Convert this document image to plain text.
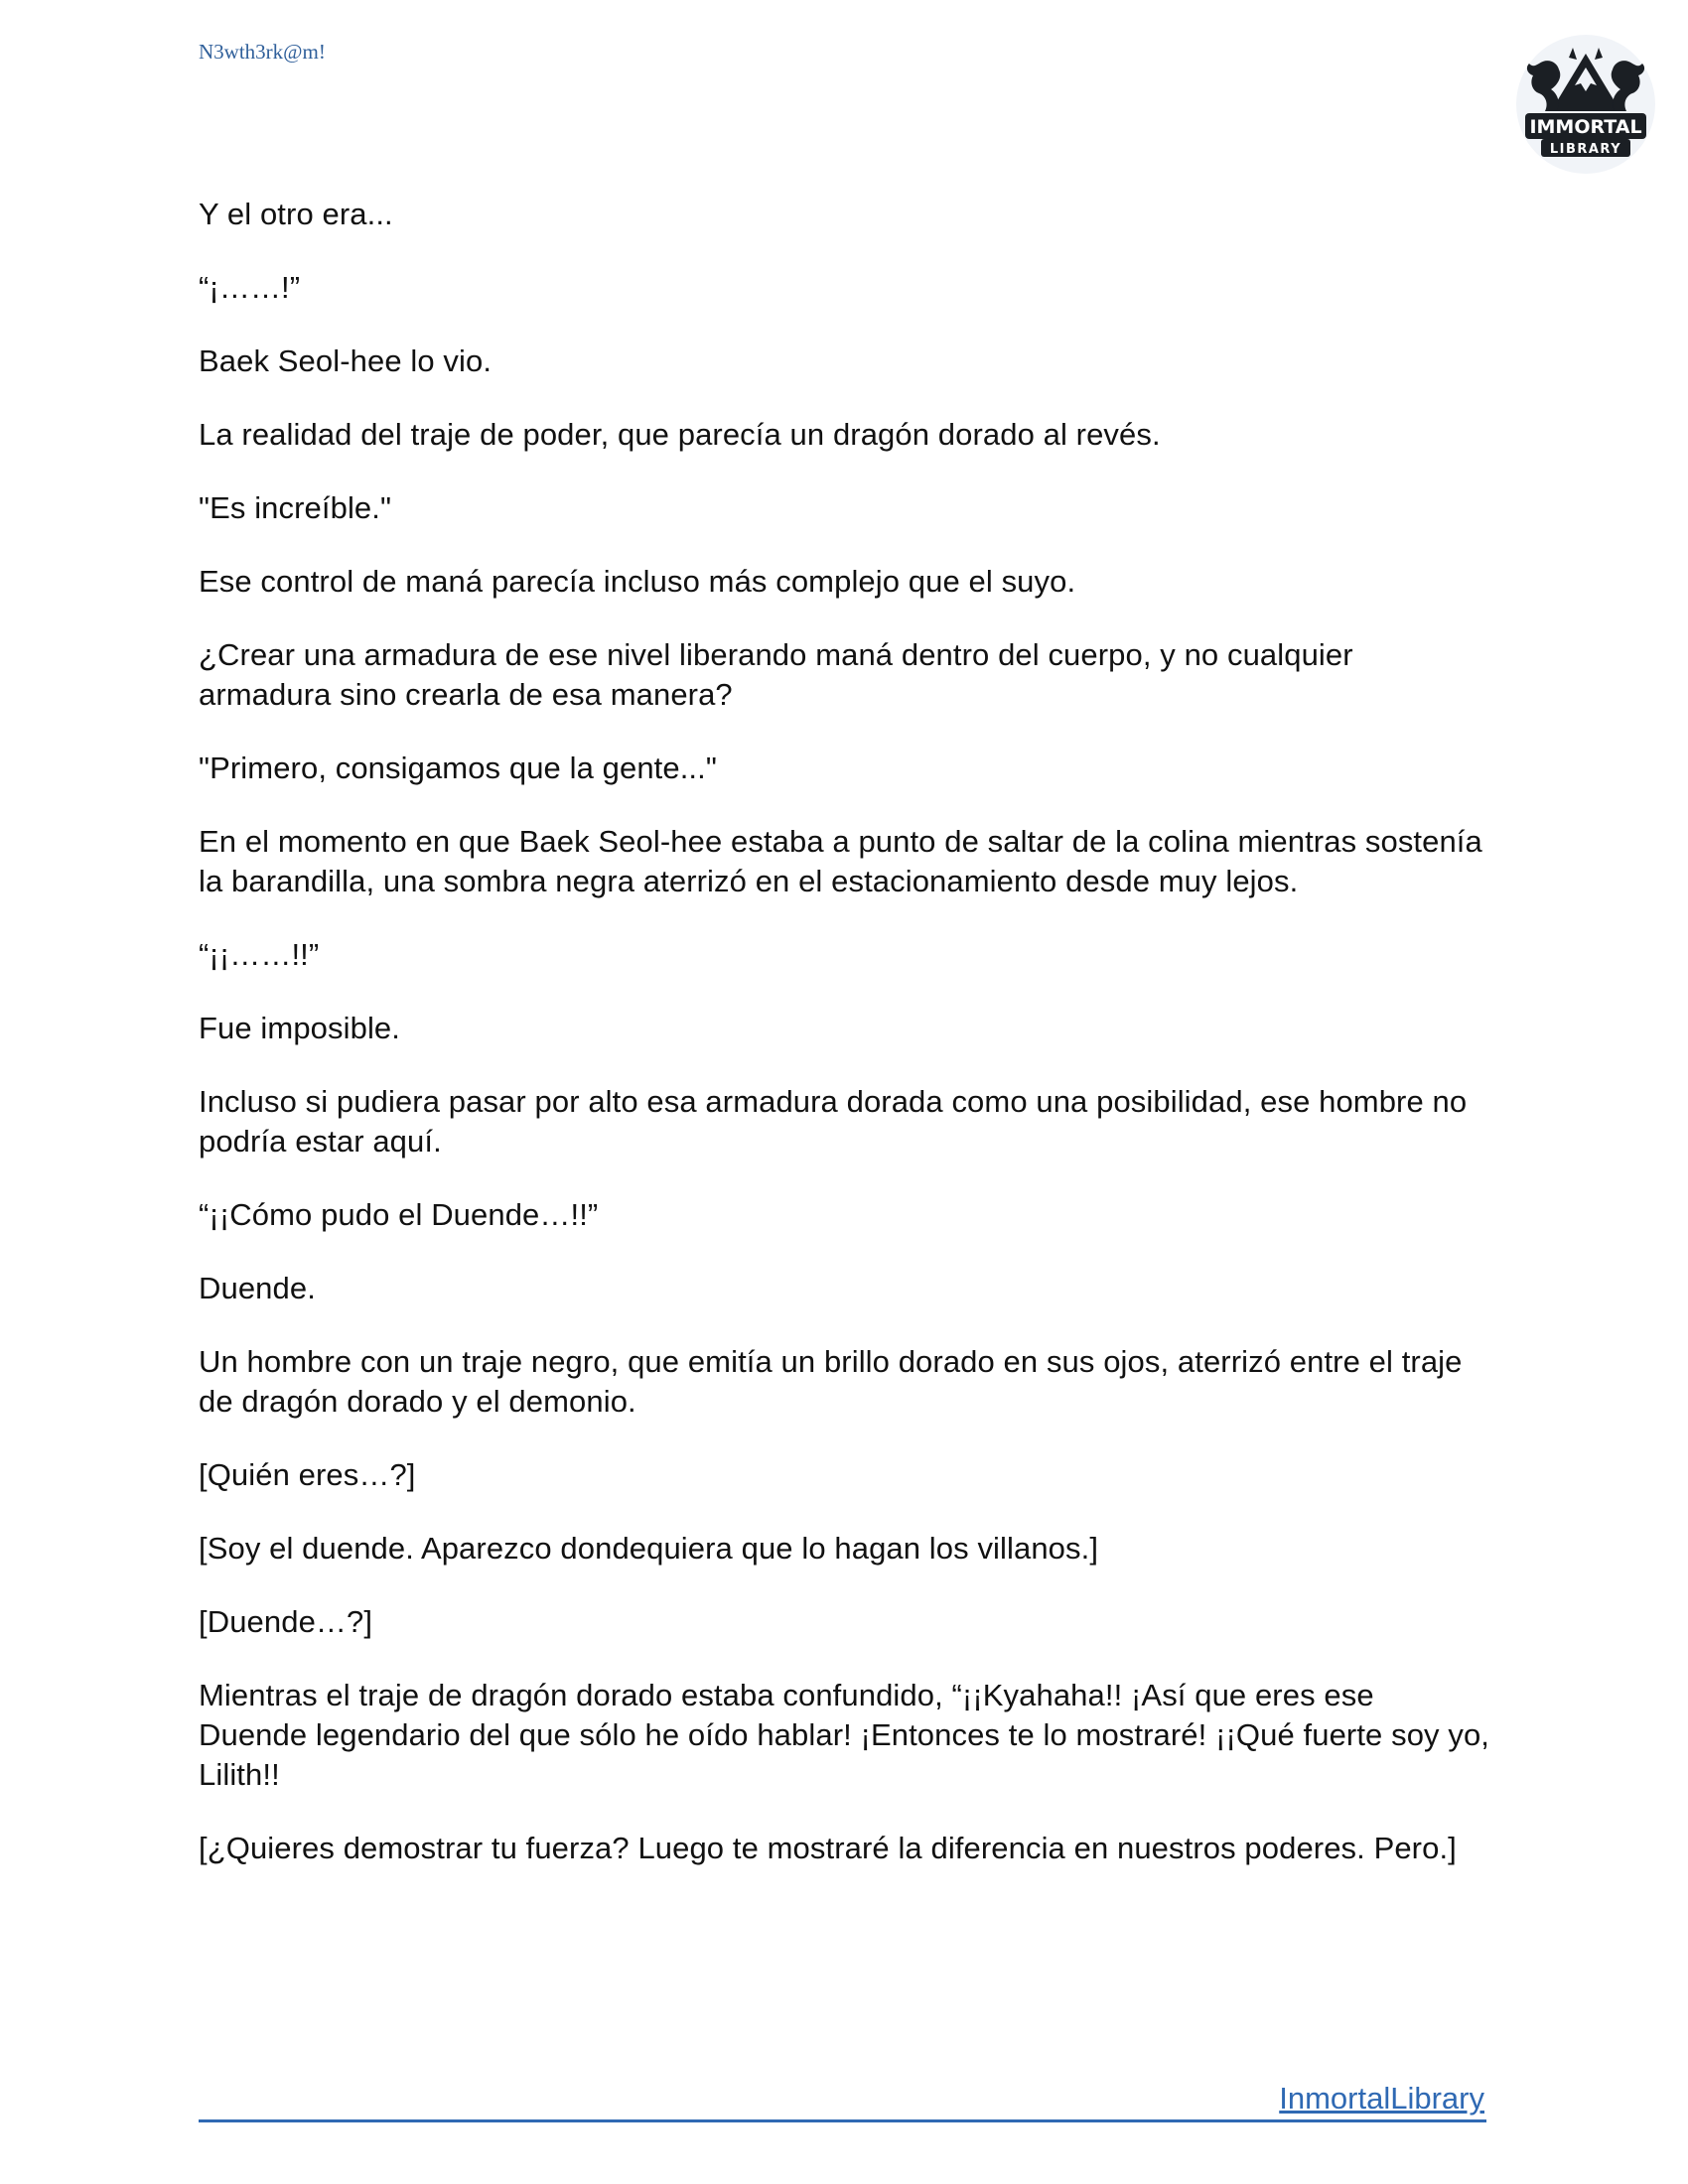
N3wth3rk@m!
IMMORTAL
LIBRARY

Y el otro era...

“¡……!”

Baek Seol-hee lo vio.

La realidad del traje de poder, que parecía un dragón dorado al revés.

"Es increíble."

Ese control de maná parecía incluso más complejo que el suyo.

¿Crear una armadura de ese nivel liberando maná dentro del cuerpo, y no cualquier armadura sino crearla de esa manera?

"Primero, consigamos que la gente..."

En el momento en que Baek Seol-hee estaba a punto de saltar de la colina mientras sostenía la barandilla, una sombra negra aterrizó en el estacionamiento desde muy lejos.

“¡¡……!!”

Fue imposible.

Incluso si pudiera pasar por alto esa armadura dorada como una posibilidad, ese hombre no podría estar aquí.

“¡¡Cómo pudo el Duende…!!”

Duende.

Un hombre con un traje negro, que emitía un brillo dorado en sus ojos, aterrizó entre el traje de dragón dorado y el demonio.

[Quién eres…?]

[Soy el duende. Aparezco dondequiera que lo hagan los villanos.]

[Duende…?]

Mientras el traje de dragón dorado estaba confundido, “¡¡Kyahaha!! ¡Así que eres ese Duende legendario del que sólo he oído hablar! ¡Entonces te lo mostraré! ¡¡Qué fuerte soy yo, Lilith!!

[¿Quieres demostrar tu fuerza? Luego te mostraré la diferencia en nuestros poderes. Pero.]

InmortalLibrary
